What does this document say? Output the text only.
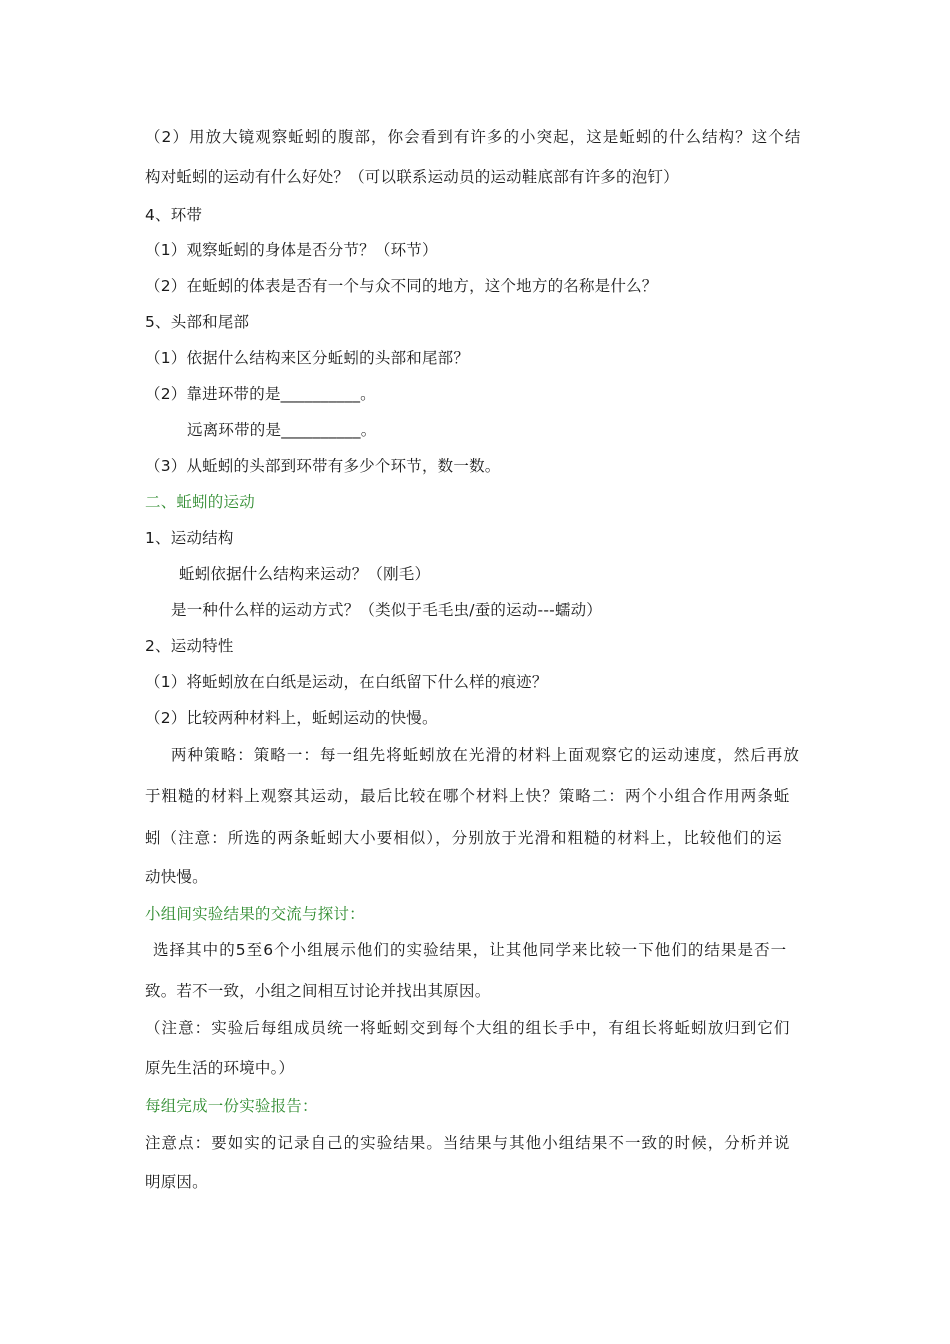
（2）用放大镜观察蚯蚓的腹部，你会看到有许多的小突起，这是蚯蚓的什么结构？这个结
构对蚯蚓的运动有什么好处？（可以联系运动员的运动鞋底部有许多的泡钉）
4、环带
（1）观察蚯蚓的身体是否分节？（环节）
（2）在蚯蚓的体表是否有一个与众不同的地方，这个地方的名称是什么？
5、头部和尾部
（1）依据什么结构来区分蚯蚓的头部和尾部？
（2）靠进环带的是__________。
远离环带的是__________。
（3）从蚯蚓的头部到环带有多少个环节，数一数。
二、蚯蚓的运动
1、运动结构
蚯蚓依据什么结构来运动？（刚毛）
是一种什么样的运动方式？（类似于毛毛虫/蚕的运动---蠕动）
2、运动特性
（1）将蚯蚓放在白纸是运动，在白纸留下什么样的痕迹？
（2）比较两种材料上，蚯蚓运动的快慢。
两种策略：策略一：每一组先将蚯蚓放在光滑的材料上面观察它的运动速度，然后再放
于粗糙的材料上观察其运动，最后比较在哪个材料上快？策略二：两个小组合作用两条蚯
蚓（注意：所选的两条蚯蚓大小要相似），分别放于光滑和粗糙的材料上，比较他们的运
动快慢。
小组间实验结果的交流与探讨：
选择其中的5至6个小组展示他们的实验结果，让其他同学来比较一下他们的结果是否一
致。若不一致，小组之间相互讨论并找出其原因。
（注意：实验后每组成员统一将蚯蚓交到每个大组的组长手中，有组长将蚯蚓放归到它们
原先生活的环境中。）
每组完成一份实验报告：
注意点：要如实的记录自己的实验结果。当结果与其他小组结果不一致的时候，分析并说
明原因。
